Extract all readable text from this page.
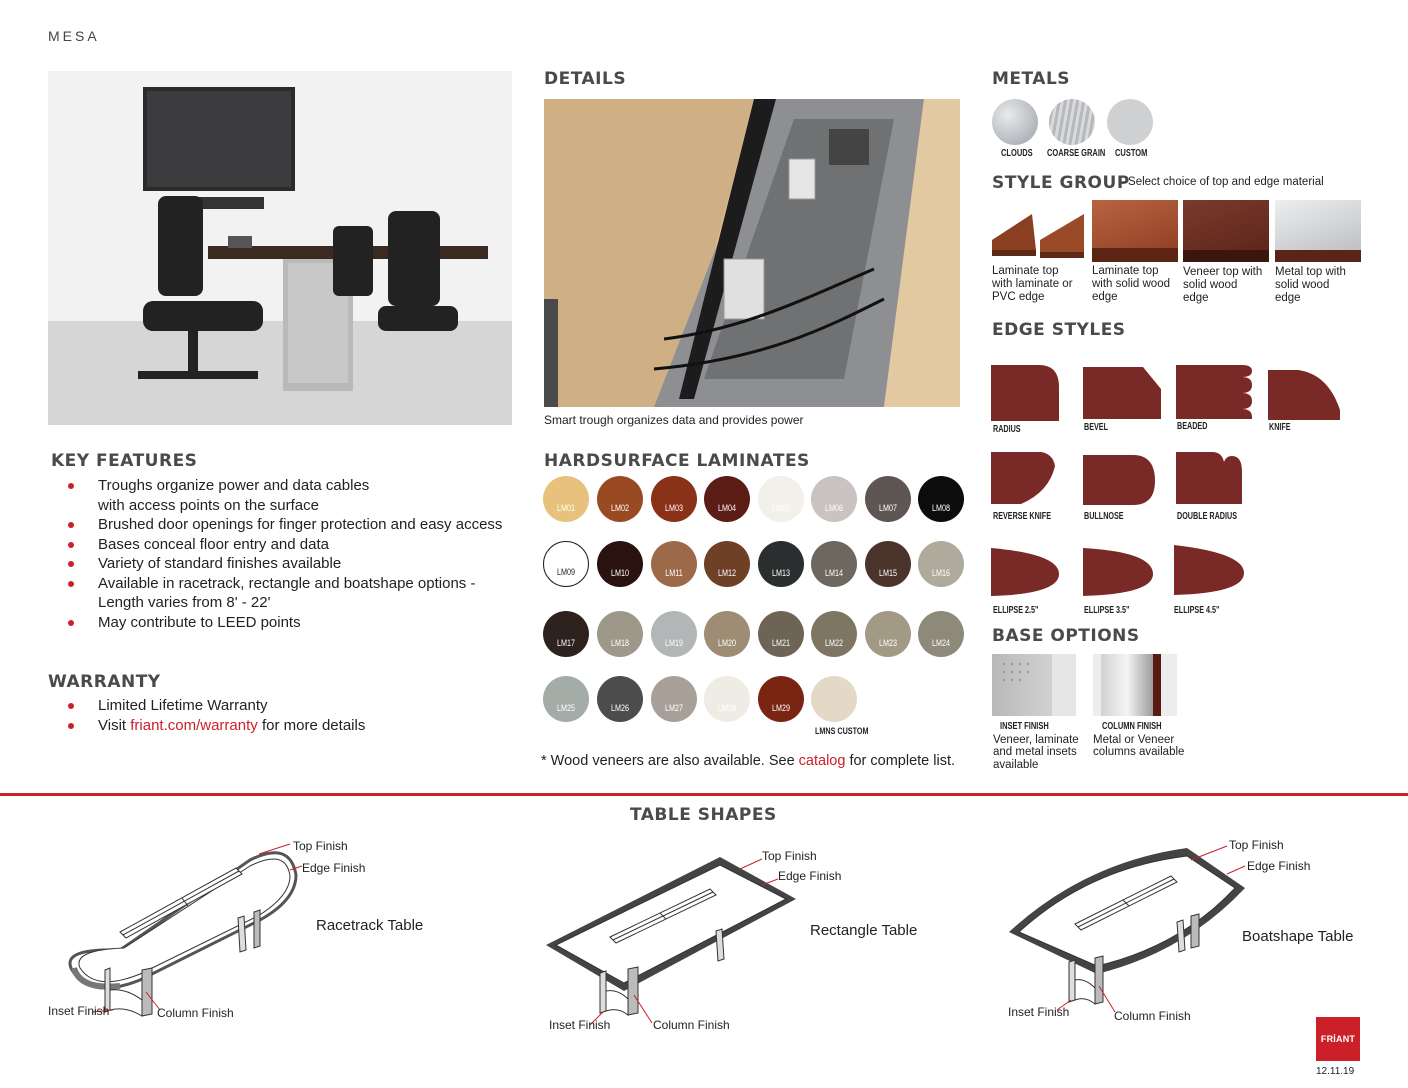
MESA
DETAILS
Smart trough organizes data and provides power
KEY FEATURES
Troughs organize power and data cables
with access points on the surface
Brushed door openings for finger protection and easy access
Bases conceal floor entry and data
Variety of standard finishes available
Available in racetrack, rectangle and boatshape options -
Length varies from 8' - 22'
May contribute to LEED points
WARRANTY
Limited Lifetime Warranty
Visit friant.com/warranty for more details
HARDSURFACE LAMINATES
LM01	LM02	LM03	LM04	LM05	LM06	LM07	LM08
LM09	LM10	LM11	LM12	LM13	LM14	LM15	LM16
LM17	LM18	LM19	LM20	LM21	LM22	LM23	LM24
LM25	LM26	LM27	LM28	LM29
LMNS CUSTOM
* Wood veneers are also available. See catalog for complete list.
METALS
CLOUDS COARSE GRAIN CUSTOM
STYLE GROUP
- Select choice of top and edge material
Laminate top
with laminate or
PVC edge
Laminate top
with solid wood
edge
Veneer top with
solid wood
edge
Metal top with
solid wood
edge
EDGE STYLES
RADIUS	BEVEL	BEADED	KNIFE
REVERSE KNIFE	BULLNOSE	DOUBLE RADIUS
ELLIPSE 2.5"	ELLIPSE 3.5"	ELLIPSE 4.5"
BASE OPTIONS
INSET FINISH
Veneer, laminate
and metal insets
available
COLUMN FINISH
Metal or Veneer
columns available
TABLE SHAPES
Top Finish
Edge Finish
Racetrack Table
Inset Finish	Column Finish
Top Finish
Edge Finish
Rectangle Table
Inset Finish	Column Finish
Top Finish
Edge Finish
Boatshape Table
Inset Finish	Column Finish
FRİANT
12.11.19
